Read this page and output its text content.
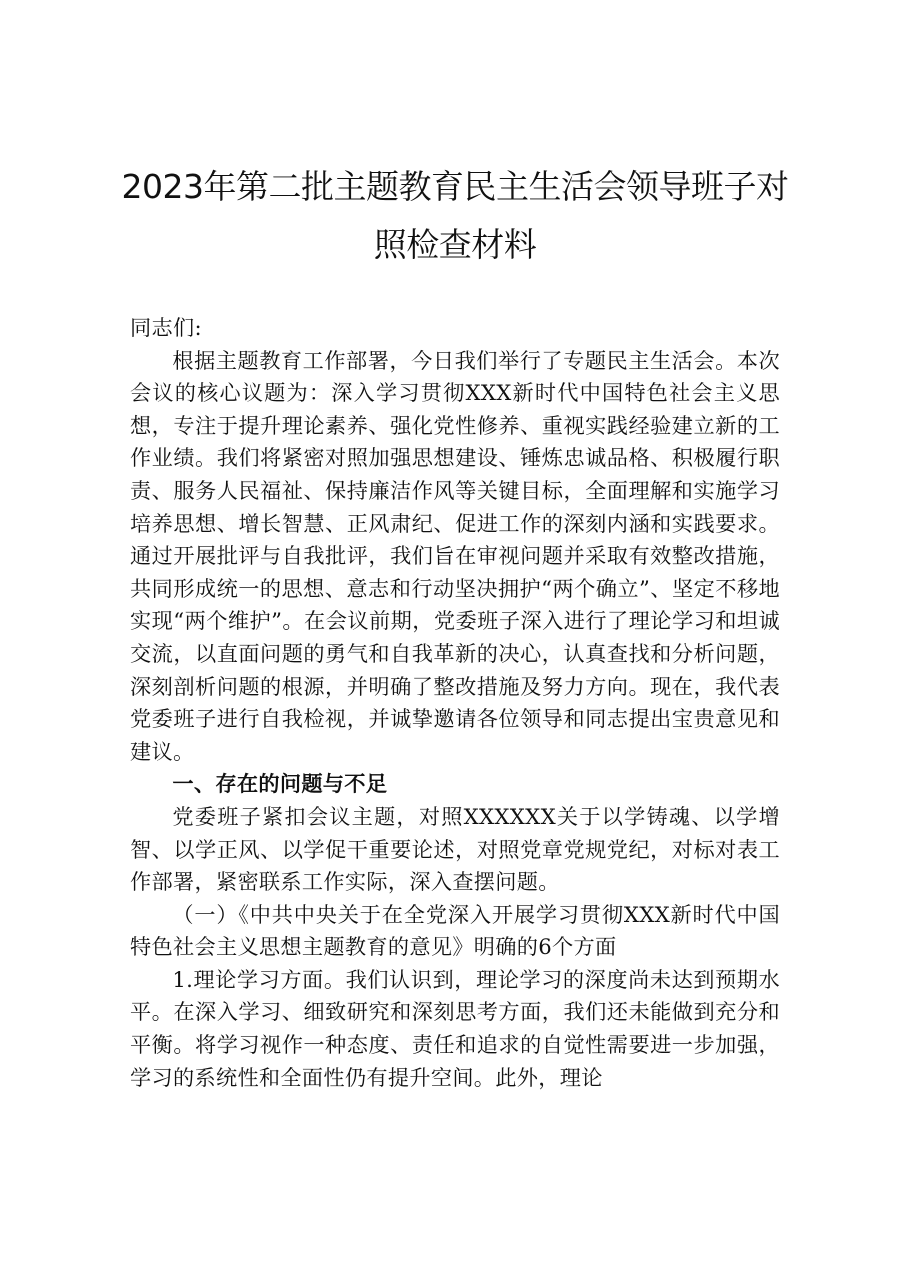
2023年第二批主题教育民主生活会领导班子对照检查材料

同志们:

根据主题教育工作部署，今日我们举行了专题民主生活会。本次会议的核心议题为：深入学习贯彻XXX新时代中国特色社会主义思想，专注于提升理论素养、强化党性修养、重视实践经验建立新的工作业绩。我们将紧密对照加强思想建设、锤炼忠诚品格、积极履行职责、服务人民福祉、保持廉洁作风等关键目标，全面理解和实施学习培养思想、增长智慧、正风肃纪、促进工作的深刻内涵和实践要求。通过开展批评与自我批评，我们旨在审视问题并采取有效整改措施，共同形成统一的思想、意志和行动坚决拥护“两个确立”、坚定不移地实现“两个维护”。在会议前期，党委班子深入进行了理论学习和坦诚交流，以直面问题的勇气和自我革新的决心，认真查找和分析问题，深刻剖析问题的根源，并明确了整改措施及努力方向。现在，我代表党委班子进行自我检视，并诚挚邀请各位领导和同志提出宝贵意见和建议。

一、存在的问题与不足

党委班子紧扣会议主题，对照XXXXXX关于以学铸魂、以学增智、以学正风、以学促干重要论述，对照党章党规党纪，对标对表工作部署，紧密联系工作实际，深入查摆问题。

（一）《中共中央关于在全党深入开展学习贯彻XXX新时代中国特色社会主义思想主题教育的意见》明确的6个方面

1.理论学习方面。我们认识到，理论学习的深度尚未达到预期水平。在深入学习、细致研究和深刻思考方面，我们还未能做到充分和平衡。将学习视作一种态度、责任和追求的自觉性需要进一步加强，学习的系统性和全面性仍有提升空间。此外，理论
